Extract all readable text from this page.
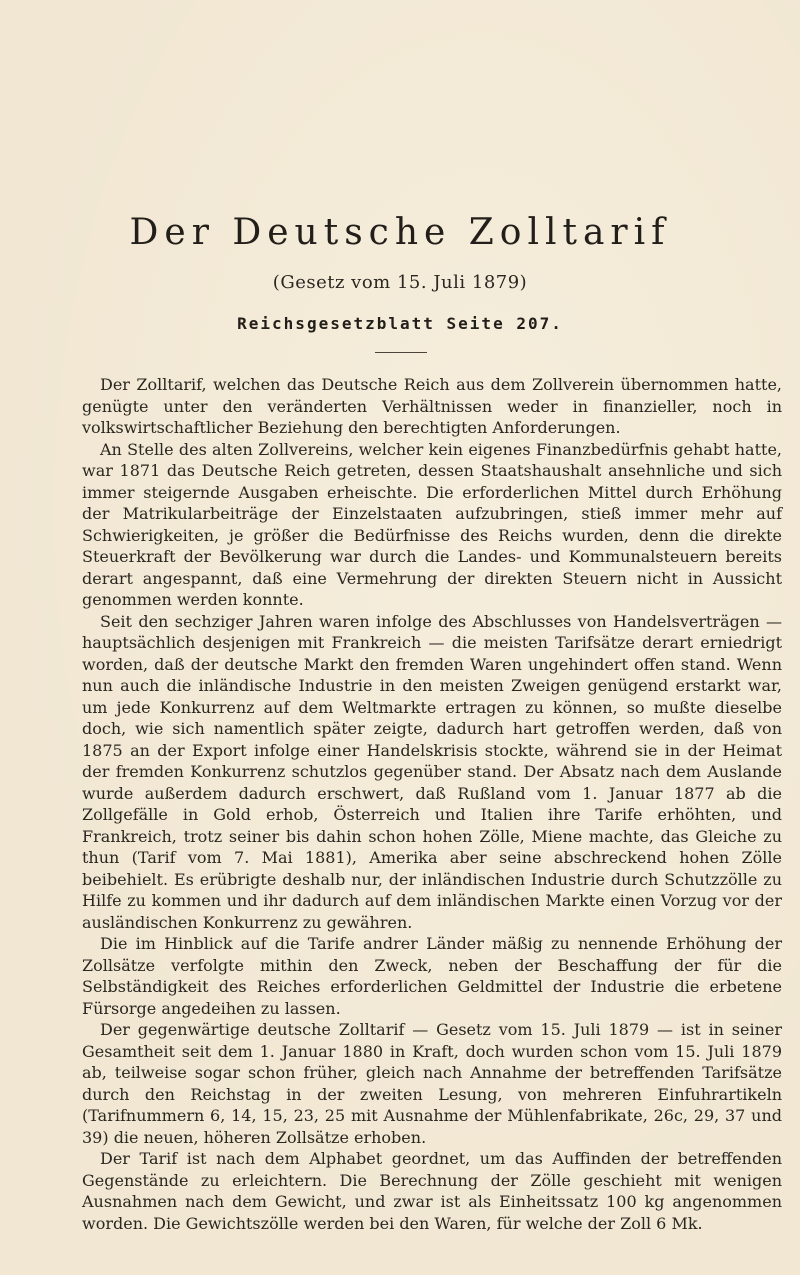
Der Deutsche Zolltarif
(Gesetz vom 15. Juli 1879)
Reichsgesetzblatt Seite 207.

Der Zolltarif, welchen das Deutsche Reich aus dem Zollverein übernommen hatte, genügte unter den veränderten Verhältnissen weder in finanzieller, noch in volkswirtschaftlicher Beziehung den berechtigten Anforderungen.

An Stelle des alten Zollvereins, welcher kein eigenes Finanzbedürfnis gehabt hatte, war 1871 das Deutsche Reich getreten, dessen Staatshaushalt ansehnliche und sich immer steigernde Ausgaben erheischte. Die erforderlichen Mittel durch Erhöhung der Matrikularbeiträge der Einzelstaaten aufzubringen, stieß immer mehr auf Schwierigkeiten, je größer die Bedürfnisse des Reichs wurden, denn die direkte Steuerkraft der Bevölkerung war durch die Landes- und Kommunalsteuern bereits derart angespannt, daß eine Vermehrung der direkten Steuern nicht in Aussicht genommen werden konnte.

Seit den sechziger Jahren waren infolge des Abschlusses von Handelsverträgen — hauptsächlich desjenigen mit Frankreich — die meisten Tarifsätze derart erniedrigt worden, daß der deutsche Markt den fremden Waren ungehindert offen stand. Wenn nun auch die inländische Industrie in den meisten Zweigen genügend erstarkt war, um jede Konkurrenz auf dem Weltmarkte ertragen zu können, so mußte dieselbe doch, wie sich namentlich später zeigte, dadurch hart getroffen werden, daß von 1875 an der Export infolge einer Handelskrisis stockte, während sie in der Heimat der fremden Konkurrenz schutzlos gegenüber stand. Der Absatz nach dem Auslande wurde außerdem dadurch erschwert, daß Rußland vom 1. Januar 1877 ab die Zollgefälle in Gold erhob, Österreich und Italien ihre Tarife erhöhten, und Frankreich, trotz seiner bis dahin schon hohen Zölle, Miene machte, das Gleiche zu thun (Tarif vom 7. Mai 1881), Amerika aber seine abschreckend hohen Zölle beibehielt. Es erübrigte deshalb nur, der inländischen Industrie durch Schutzzölle zu Hilfe zu kommen und ihr dadurch auf dem inländischen Markte einen Vorzug vor der ausländischen Konkurrenz zu gewähren.

Die im Hinblick auf die Tarife andrer Länder mäßig zu nennende Erhöhung der Zollsätze verfolgte mithin den Zweck, neben der Beschaffung der für die Selbständigkeit des Reiches erforderlichen Geldmittel der Industrie die erbetene Fürsorge angedeihen zu lassen.

Der gegenwärtige deutsche Zolltarif — Gesetz vom 15. Juli 1879 — ist in seiner Gesamtheit seit dem 1. Januar 1880 in Kraft, doch wurden schon vom 15. Juli 1879 ab, teilweise sogar schon früher, gleich nach Annahme der betreffenden Tarifsätze durch den Reichstag in der zweiten Lesung, von mehreren Einfuhrartikeln (Tarifnummern 6, 14, 15, 23, 25 mit Ausnahme der Mühlenfabrikate, 26c, 29, 37 und 39) die neuen, höheren Zollsätze erhoben.

Der Tarif ist nach dem Alphabet geordnet, um das Auffinden der betreffenden Gegenstände zu erleichtern. Die Berechnung der Zölle geschieht mit wenigen Ausnahmen nach dem Gewicht, und zwar ist als Einheitssatz 100 kg angenommen worden. Die Gewichtszölle werden bei den Waren, für welche der Zoll 6 Mk.
